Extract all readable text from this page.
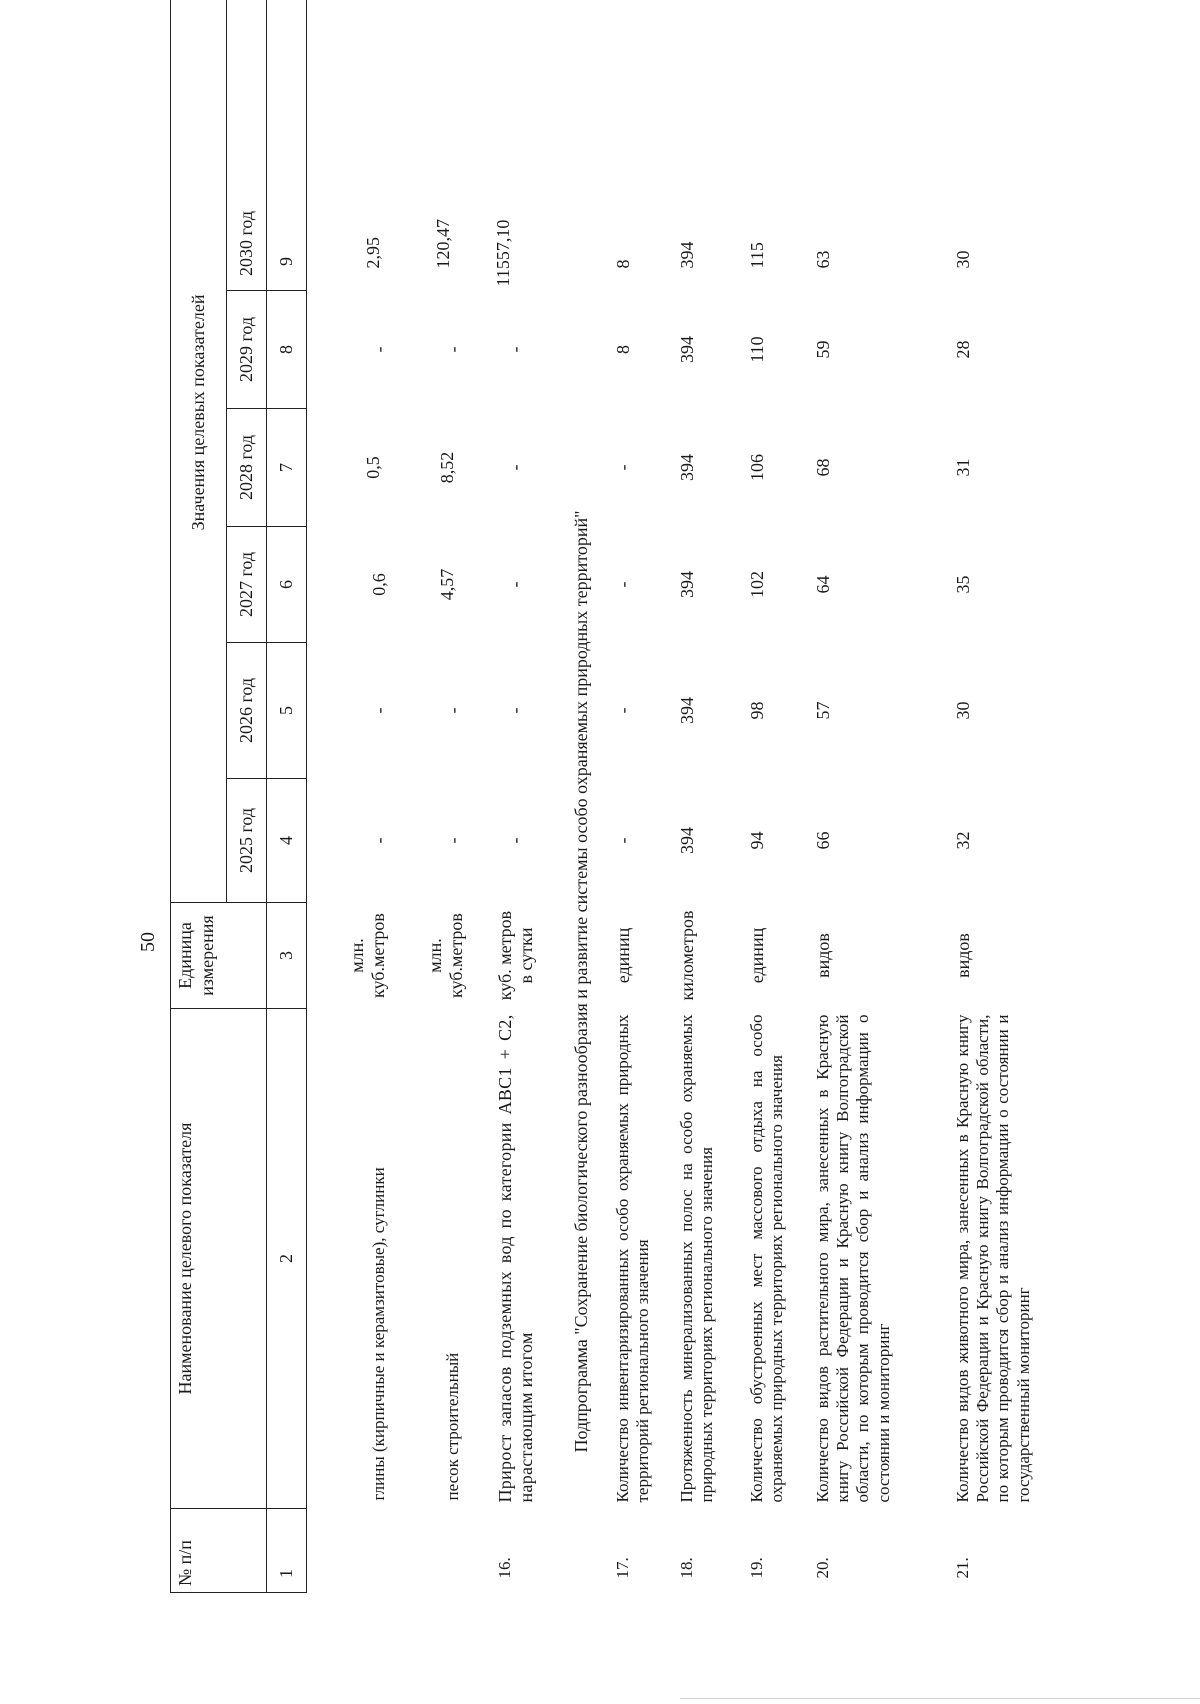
50
№ п/п	Наименование целевого показателя	Единица измерения	Значения целевых показателей					
			2025 год	2026 год	2027 год	2028 год	2029 год	2030 год
1	2	3	4	5	6	7	8	9

	глины (кирпичные и керамзитовые), суглинки	млн. куб.метров	-	-	0,6	0,5	-	2,95
	песок строительный	млн. куб.метров	-	-	4,57	8,52	-	120,47
16.	Прирост запасов подземных вод по категории АВС1 + С2, нарастающим итогом	куб. метров в сутки	-	-	-	-	-	11557,10
Подпрограмма "Сохранение биологического разнообразия и развитие системы особо охраняемых природных территорий"								
17.	Количество инвентаризированных особо охраняемых природных территорий регионального значения	единиц	-	-	-	-	8	8
18.	Протяженность минерализованных полос на особо охраняемых природных территориях регионального значения	километров	394	394	394	394	394	394
19.	Количество обустроенных мест массового отдыха на особо охраняемых природных территориях регионального значения	единиц	94	98	102	106	110	115
20.	Количество видов растительного мира, занесенных в Красную книгу Российской Федерации и Красную книгу Волгоградской области, по которым проводится сбор и анализ информации о состоянии и мониторинг	видов	66	57	64	68	59	63
21.	Количество видов животного мира, занесенных в Красную книгу Российской Федерации и Красную книгу Волгоградской области, по которым проводится сбор и анализ информации о состоянии и государственный мониторинг	видов	32	30	35	31	28	30
